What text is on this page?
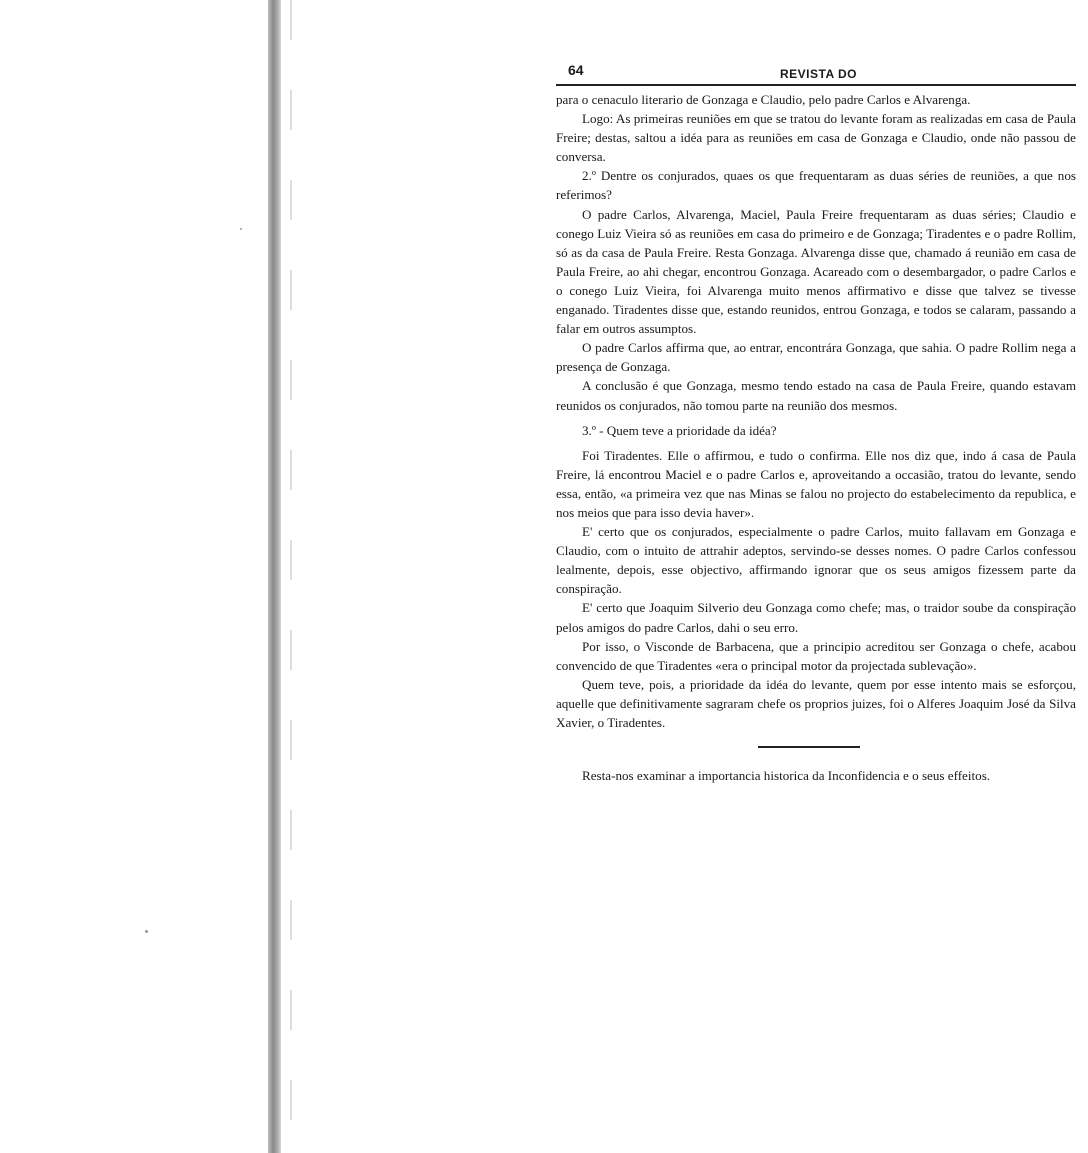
64	REVISTA DO

para o cenaculo literario de Gonzaga e Claudio, pelo padre Carlos e Alvarenga.

Logo: As primeiras reuniões em que se tratou do levante foram as realizadas em casa de Paula Freire; destas, saltou a idéa para as reuniões em casa de Gonzaga e Claudio, onde não passou de conversa.

2.º Dentre os conjurados, quaes os que frequentaram as duas séries de reuniões, a que nos referimos?

O padre Carlos, Alvarenga, Maciel, Paula Freire frequentaram as duas séries; Claudio e conego Luiz Vieira só as reuniões em casa do primeiro e de Gonzaga; Tiradentes e o padre Rollim, só as da casa de Paula Freire. Resta Gonzaga. Alvarenga disse que, chamado á reunião em casa de Paula Freire, ao ahi chegar, encontrou Gonzaga. Acareado com o desembargador, o padre Carlos e o conego Luiz Vieira, foi Alvarenga muito menos affirmativo e disse que talvez se tivesse enganado. Tiradentes disse que, estando reunidos, entrou Gonzaga, e todos se calaram, passando a falar em outros assumptos.

O padre Carlos affirma que, ao entrar, encontrára Gonzaga, que sahia. O padre Rollim nega a presença de Gonzaga.

A conclusão é que Gonzaga, mesmo tendo estado na casa de Paula Freire, quando estavam reunidos os conjurados, não tomou parte na reunião dos mesmos.

3.º - Quem teve a prioridade da idéa?

Foi Tiradentes. Elle o affirmou, e tudo o confirma. Elle nos diz que, indo á casa de Paula Freire, lá encontrou Maciel e o padre Carlos e, aproveitando a occasião, tratou do levante, sendo essa, então, «a primeira vez que nas Minas se falou no projecto do estabelecimento da republica, e nos meios que para isso devia haver».

E' certo que os conjurados, especialmente o padre Carlos, muito fallavam em Gonzaga e Claudio, com o intuito de attrahir adeptos, servindo-se desses nomes. O padre Carlos confessou lealmente, depois, esse objectivo, affirmando ignorar que os seus amigos fizessem parte da conspiração.

E' certo que Joaquim Silverio deu Gonzaga como chefe; mas, o traidor soube da conspiração pelos amigos do padre Carlos, dahi o seu erro.

Por isso, o Visconde de Barbacena, que a principio acreditou ser Gonzaga o chefe, acabou convencido de que Tiradentes «era o principal motor da projectada sublevação».

Quem teve, pois, a prioridade da idéa do levante, quem por esse intento mais se esforçou, aquelle que definitivamente sagraram chefe os proprios juizes, foi o Alferes Joaquim José da Silva Xavier, o Tiradentes.

Resta-nos examinar a importancia historica da Inconfidencia e o seus effeitos.
